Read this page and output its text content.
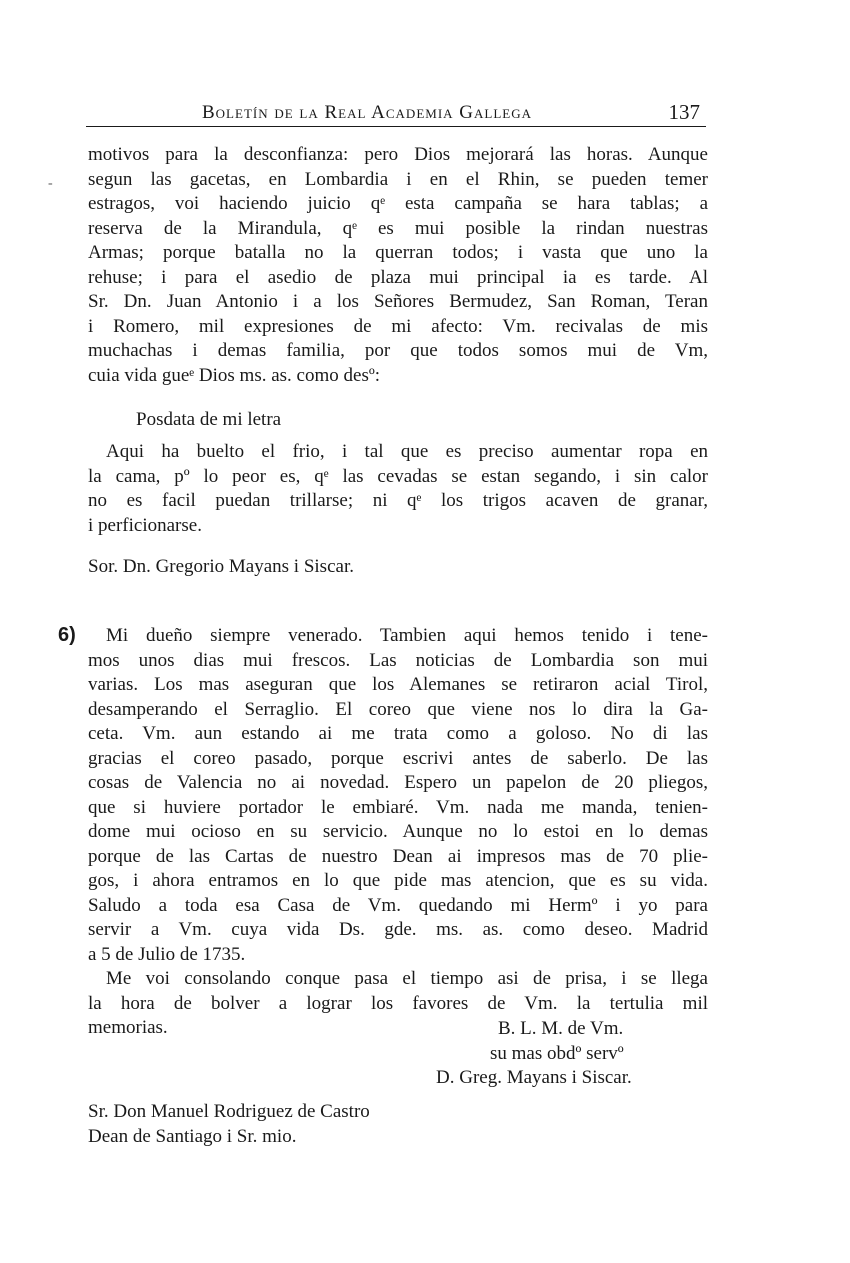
Boletín de la Real Academia Gallega	137
-
motivos para la desconfianza: pero Dios mejorará las horas. Aunque
segun las gacetas, en Lombardia i en el Rhin, se pueden temer
estragos, voi haciendo juicio qᵉ esta campaña se hara tablas; a
reserva de la Mirandula, qᵉ es mui posible la rindan nuestras
Armas; porque batalla no la querran todos; i vasta que uno la
rehuse; i para el asedio de plaza mui principal ia es tarde. Al
Sr. Dn. Juan Antonio i a los Señores Bermudez, San Roman, Teran
i Romero, mil expresiones de mi afecto: Vm. recivalas de mis
muchachas i demas familia, por que todos somos mui de Vm,
cuia vida gueᵉ Dios ms. as. como desº:
Posdata de mi letra
Aqui ha buelto el frio, i tal que es preciso aumentar ropa en
la cama, pº lo peor es, qᵉ las cevadas se estan segando, i sin calor
no es facil puedan trillarse; ni qᵉ los trigos acaven de granar,
i perficionarse.
Sor. Dn. Gregorio Mayans i Siscar.
6)	Mi dueño siempre venerado. Tambien aqui hemos tenido i tene-
mos unos dias mui frescos. Las noticias de Lombardia son mui
varias. Los mas aseguran que los Alemanes se retiraron acial Tirol,
desamperando el Serraglio. El coreo que viene nos lo dira la Ga-
ceta. Vm. aun estando ai me trata como a goloso. No di las
gracias el coreo pasado, porque escrivi antes de saberlo. De las
cosas de Valencia no ai novedad. Espero un papelon de 20 pliegos,
que si huviere portador le embiaré. Vm. nada me manda, tenien-
dome mui ocioso en su servicio. Aunque no lo estoi en lo demas
porque de las Cartas de nuestro Dean ai impresos mas de 70 plie-
gos, i ahora entramos en lo que pide mas atencion, que es su vida.
Saludo a toda esa Casa de Vm. quedando mi Hermº i yo para
servir a Vm. cuya vida Ds. gde. ms. as. como deseo. Madrid
a 5 de Julio de 1735.
Me voi consolando conque pasa el tiempo asi de prisa, i se llega
la hora de bolver a lograr los favores de Vm. la tertulia mil
memorias.	B. L. M. de Vm.
su mas obdº servº
D. Greg. Mayans i Siscar.
Sr. Don Manuel Rodriguez de Castro
Dean de Santiago i Sr. mio.
